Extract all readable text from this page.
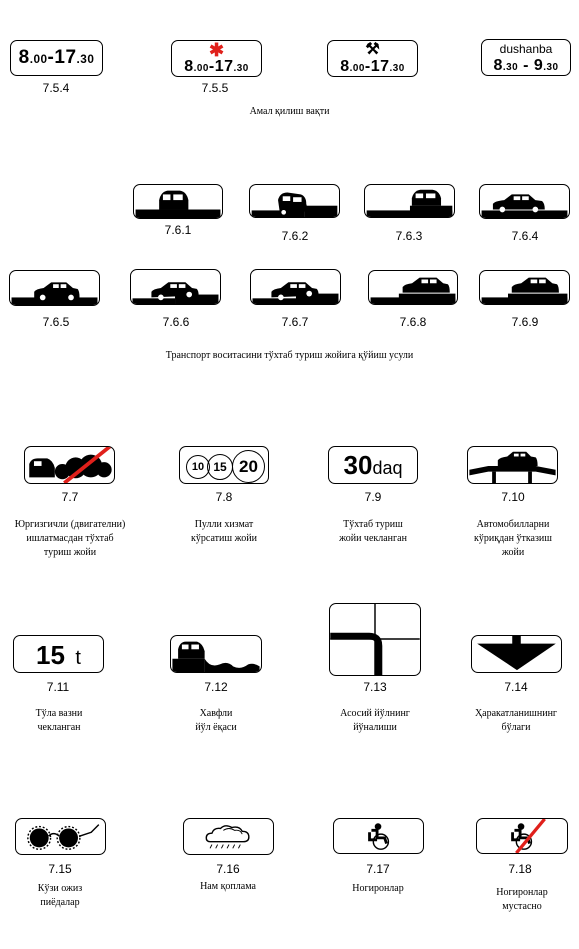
8.00-17.30
7.5.4
✱
8.00-17.30
7.5.5
⚒
8.00-17.30
dushanba
8.30 - 9.30
Амал қилиш вақти
7.6.1	7.6.2	7.6.3	7.6.4
7.6.5	7.6.6	7.6.7	7.6.8	7.6.9
Транспорт воситасини тўхтаб туриш жойига қўйиш усули
7.7
Юргизгичли (двигателни)
ишлатмасдан тўхтаб
туриш жойи
10 15 20
7.8
Пулли хизмат
кўрсатиш жойи
30daq
7.9
Тўхтаб туриш
жойи чекланган
7.10
Автомобилларни
кўриқдан ўтказиш
жойи
15 t
7.11
Тўла вазни
чекланган
7.12
Хавфли
йўл ёқаси
7.13
Асосий йўлнинг
йўналиши
7.14
Ҳаракатланишнинг
бўлаги
7.15
Кўзи ожиз
пиёдалар
7.16
Нам қоплама
7.17
Ногиронлар
7.18
Ногиронлар
мустасно
